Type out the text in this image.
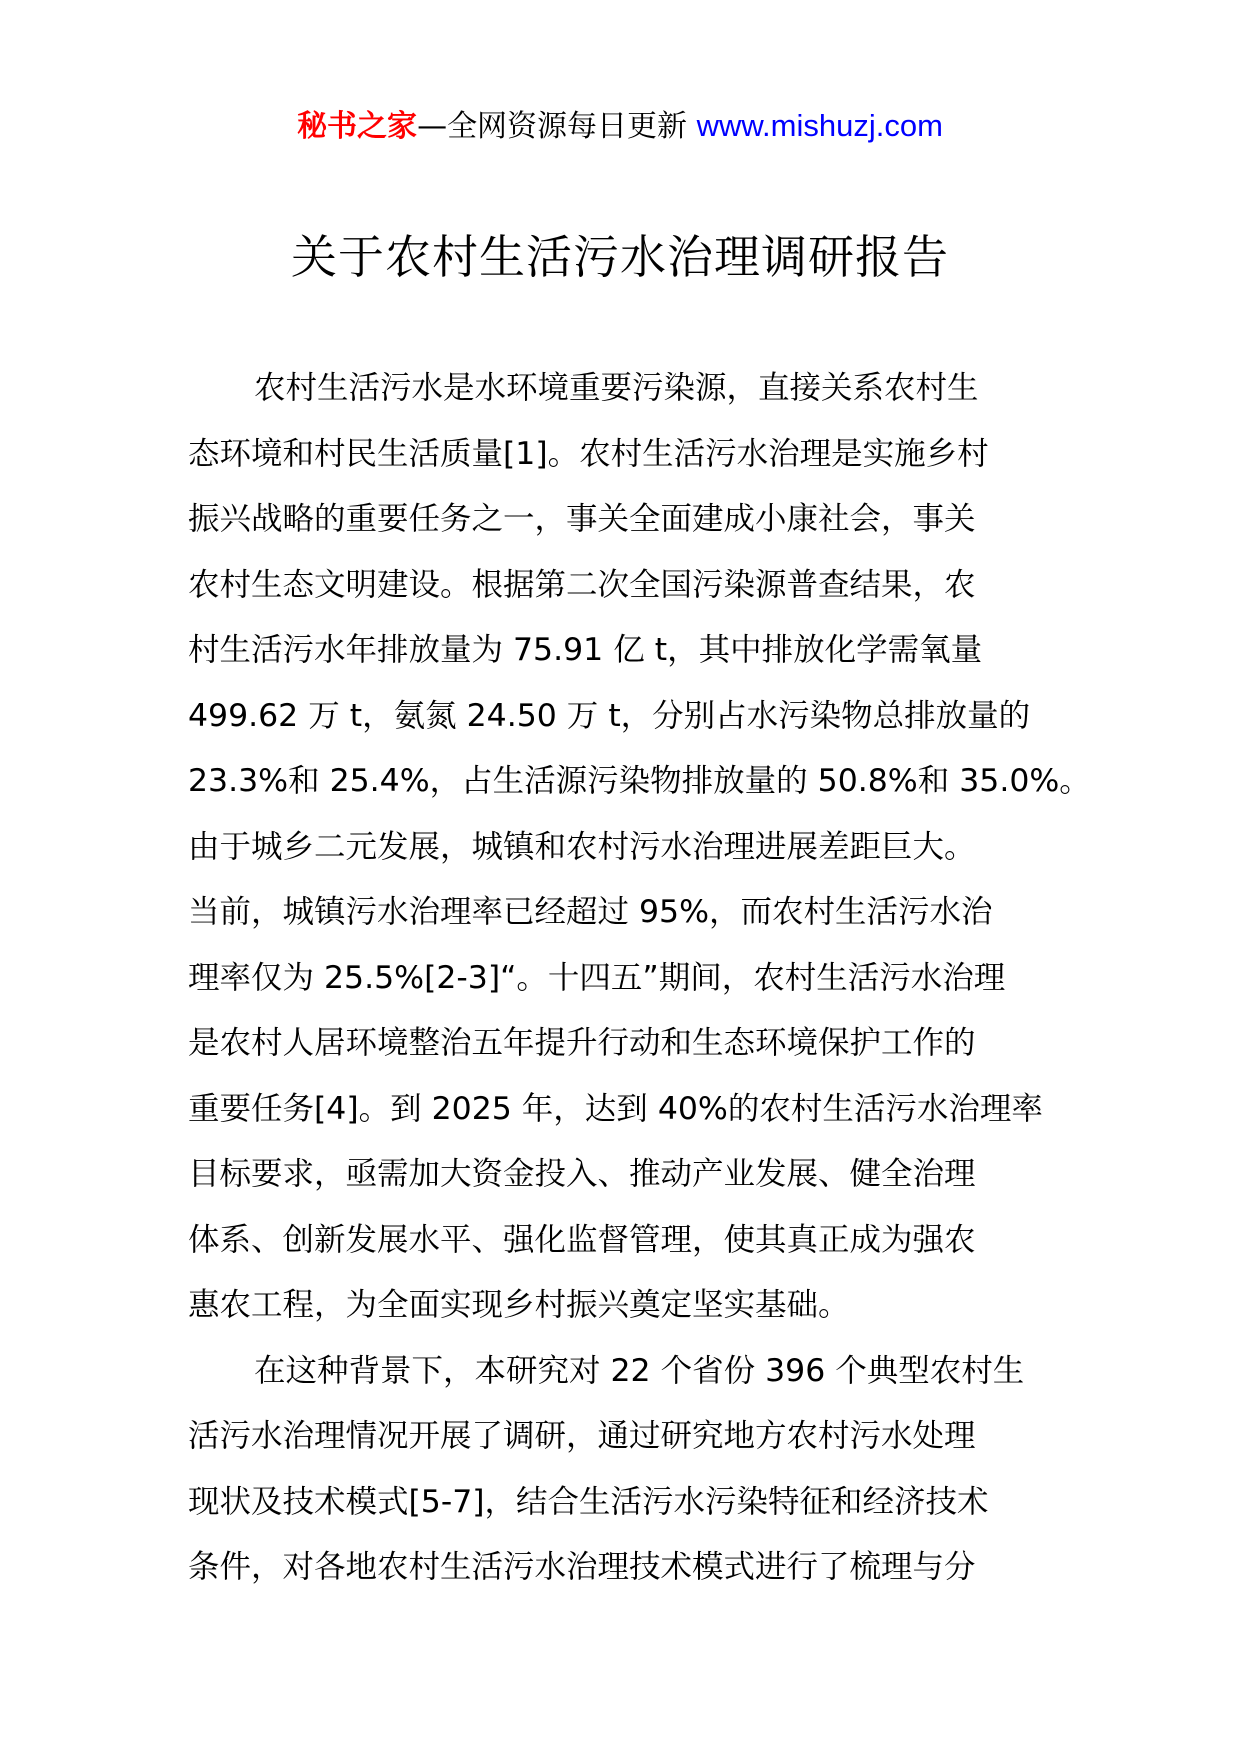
秘书之家—全网资源每日更新 www.mishuzj.com
关于农村生活污水治理调研报告
农村生活污水是水环境重要污染源，直接关系农村生
态环境和村民生活质量[1]。农村生活污水治理是实施乡村
振兴战略的重要任务之一，事关全面建成小康社会，事关
农村生态文明建设。根据第二次全国污染源普查结果，农
村生活污水年排放量为 75.91 亿 t，其中排放化学需氧量
499.62 万 t，氨氮 24.50 万 t，分别占水污染物总排放量的
23.3%和 25.4%，占生活源污染物排放量的 50.8%和 35.0%。
由于城乡二元发展，城镇和农村污水治理进展差距巨大。
当前，城镇污水治理率已经超过 95%，而农村生活污水治
理率仅为 25.5%[2-3]“。十四五”期间，农村生活污水治理
是农村人居环境整治五年提升行动和生态环境保护工作的
重要任务[4]。到 2025 年，达到 40%的农村生活污水治理率
目标要求，亟需加大资金投入、推动产业发展、健全治理
体系、创新发展水平、强化监督管理，使其真正成为强农
惠农工程，为全面实现乡村振兴奠定坚实基础。
在这种背景下，本研究对 22 个省份 396 个典型农村生
活污水治理情况开展了调研，通过研究地方农村污水处理
现状及技术模式[5-7]，结合生活污水污染特征和经济技术
条件，对各地农村生活污水治理技术模式进行了梳理与分
